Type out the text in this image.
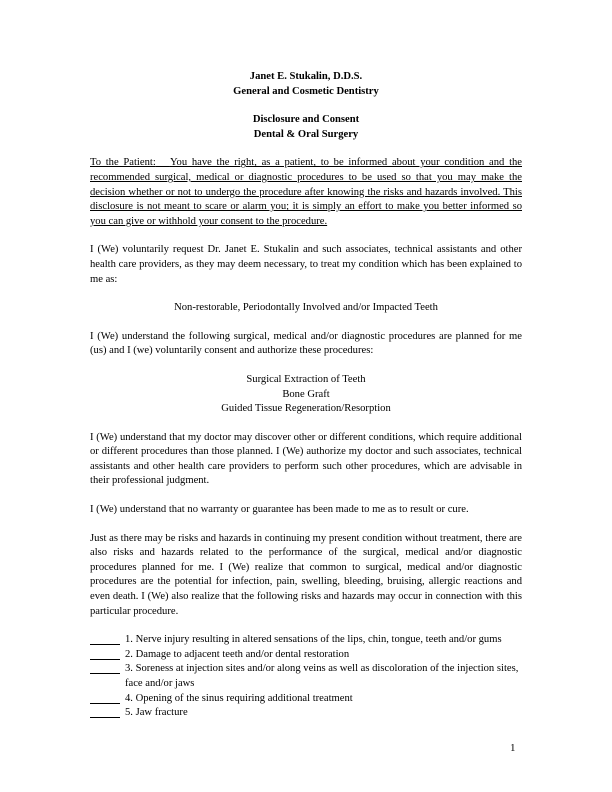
Janet E. Stukalin, D.D.S.
General and Cosmetic Dentistry
Disclosure and Consent
Dental & Oral Surgery

To the Patient: You have the right, as a patient, to be informed about your condition and the recommended surgical, medical or diagnostic procedures to be used so that you may make the decision whether or not to undergo the procedure after knowing the risks and hazards involved. This disclosure is not meant to scare or alarm you; it is simply an effort to make you better informed so you can give or withhold your consent to the procedure.

I (We) voluntarily request Dr. Janet E. Stukalin and such associates, technical assistants and other health care providers, as they may deem necessary, to treat my condition which has been explained to me as:

Non-restorable, Periodontally Involved and/or Impacted Teeth

I (We) understand the following surgical, medical and/or diagnostic procedures are planned for me (us) and I (we) voluntarily consent and authorize these procedures:

Surgical Extraction of Teeth
Bone Graft
Guided Tissue Regeneration/Resorption

I (We) understand that my doctor may discover other or different conditions, which require additional or different procedures than those planned. I (We) authorize my doctor and such associates, technical assistants and other health care providers to perform such other procedures, which are advisable in their professional judgment.

I (We) understand that no warranty or guarantee has been made to me as to result or cure.

Just as there may be risks and hazards in continuing my present condition without treatment, there are also risks and hazards related to the performance of the surgical, medical and/or diagnostic procedures planned for me. I (We) realize that common to surgical, medical and/or diagnostic procedures are the potential for infection, pain, swelling, bleeding, bruising, allergic reactions and even death. I (We) also realize that the following risks and hazards may occur in connection with this particular procedure.

1. Nerve injury resulting in altered sensations of the lips, chin, tongue, teeth and/or gums
2. Damage to adjacent teeth and/or dental restoration
3. Soreness at injection sites and/or along veins as well as discoloration of the injection sites, face and/or jaws
4. Opening of the sinus requiring additional treatment
5. Jaw fracture
1
